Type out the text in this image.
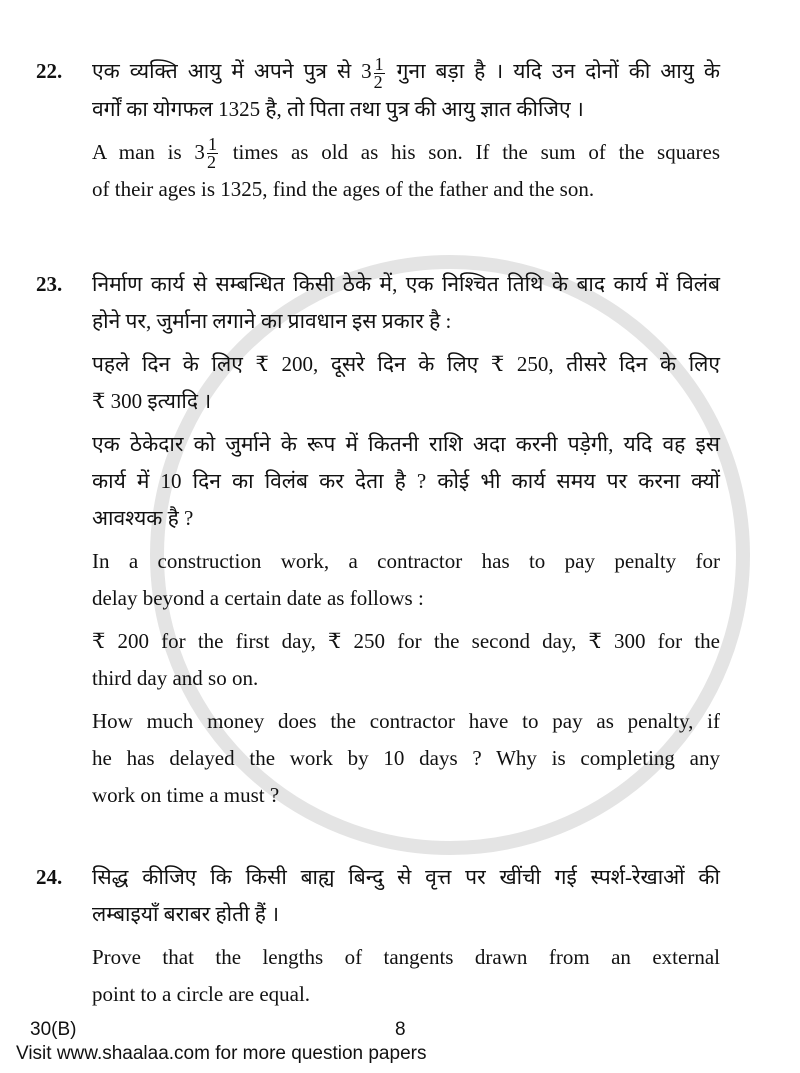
22. एक व्यक्ति आयु में अपने पुत्र से $3 \frac{1}{2}$ गुना बड़ा है । यदि उन दोनों की आयु के
वर्गों का योगफल 1325 है, तो पिता तथा पुत्र की आयु ज्ञात कीजिए ।
A man is $3 \frac{1}{2}$ times as old as his son. If the sum of the squares
of their ages is 1325, find the ages of the father and the son.
23. निर्माण कार्य से सम्बन्धित किसी ठेके में, एक निश्चित तिथि के बाद कार्य में विलंब
होने पर, जुर्माना लगाने का प्रावधान इस प्रकार है :
पहले दिन के लिए ₹ 200, दूसरे दिन के लिए ₹ 250, तीसरे दिन के लिए
₹ 300 इत्यादि ।
एक ठेकेदार को जुर्माने के रूप में कितनी राशि अदा करनी पड़ेगी, यदि वह इस
कार्य में 10 दिन का विलंब कर देता है ? कोई भी कार्य समय पर करना क्यों
आवश्यक है ?
In a construction work, a contractor has to pay penalty for
delay beyond a certain date as follows :
₹ 200 for the first day, ₹ 250 for the second day, ₹ 300 for the
third day and so on.
How much money does the contractor have to pay as penalty, if
he has delayed the work by 10 days ? Why is completing any
work on time a must ?
24. सिद्ध कीजिए कि किसी बाह्य बिन्दु से वृत्त पर खींची गई स्पर्श-रेखाओं की
लम्बाइयाँ बराबर होती हैं ।
Prove that the lengths of tangents drawn from an external
point to a circle are equal.
30(B)	8
Visit www.shaalaa.com for more question papers
